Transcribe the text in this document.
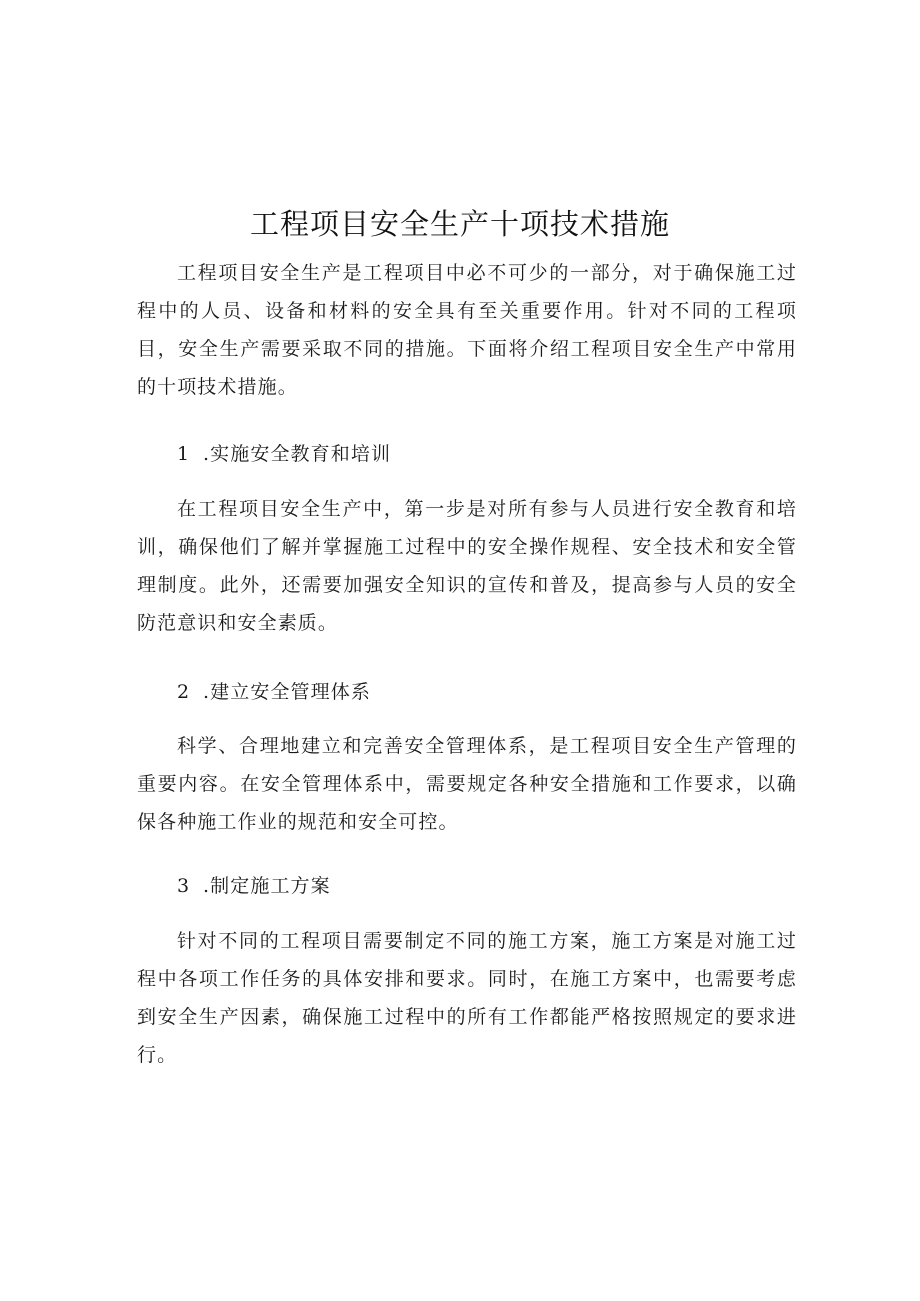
工程项目安全生产十项技术措施

工程项目安全生产是工程项目中必不可少的一部分，对于确保施工过程中的人员、设备和材料的安全具有至关重要作用。针对不同的工程项目，安全生产需要采取不同的措施。下面将介绍工程项目安全生产中常用的十项技术措施。

1 .实施安全教育和培训

在工程项目安全生产中，第一步是对所有参与人员进行安全教育和培训，确保他们了解并掌握施工过程中的安全操作规程、安全技术和安全管理制度。此外，还需要加强安全知识的宣传和普及，提高参与人员的安全防范意识和安全素质。

2 .建立安全管理体系

科学、合理地建立和完善安全管理体系，是工程项目安全生产管理的重要内容。在安全管理体系中，需要规定各种安全措施和工作要求，以确保各种施工作业的规范和安全可控。

3 .制定施工方案

针对不同的工程项目需要制定不同的施工方案，施工方案是对施工过程中各项工作任务的具体安排和要求。同时，在施工方案中，也需要考虑到安全生产因素，确保施工过程中的所有工作都能严格按照规定的要求进行。
